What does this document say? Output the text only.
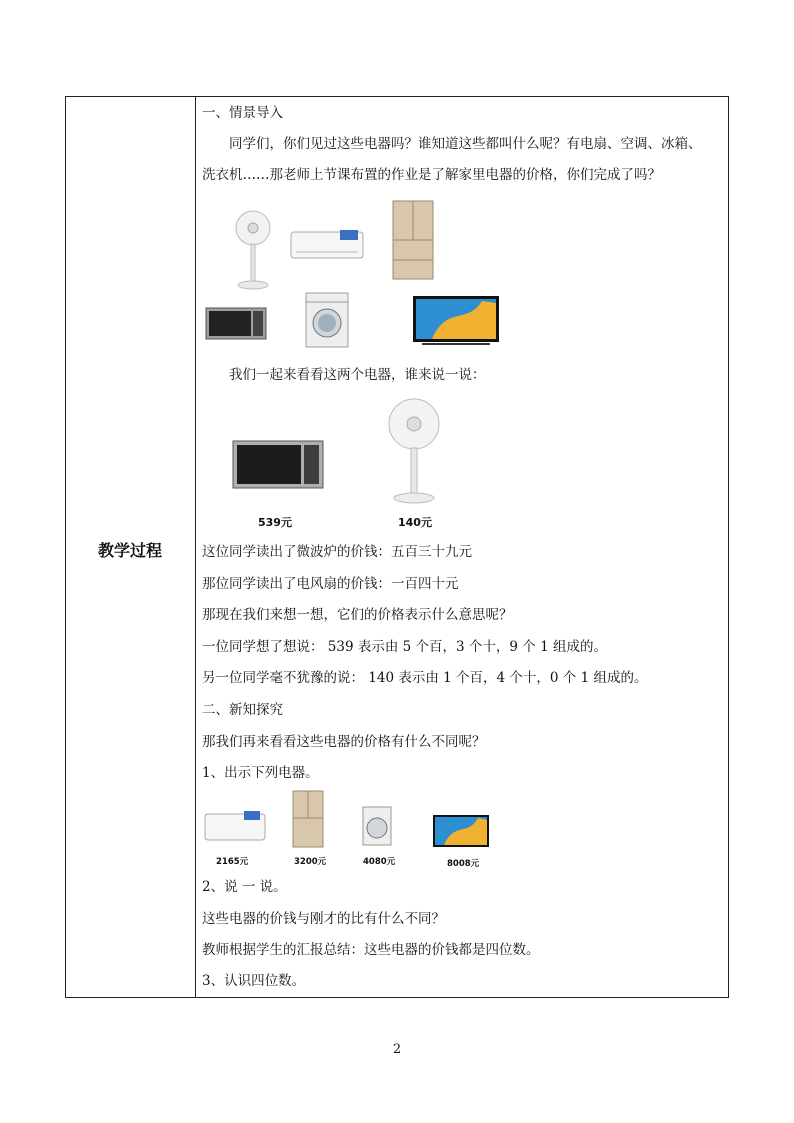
教学过程
一、情景导入
同学们，你们见过这些电器吗？谁知道这些都叫什么呢？有电扇、空调、冰箱、
洗衣机……那老师上节课布置的作业是了解家里电器的价格，你们完成了吗？
我们一起来看看这两个电器，谁来说一说：
539元	140元
这位同学读出了微波炉的价钱：五百三十九元
那位同学读出了电风扇的价钱：一百四十元
那现在我们来想一想，它们的价格表示什么意思呢？
一位同学想了想说： 539 表示由 5 个百，3 个十，9 个 1 组成的。
另一位同学毫不犹豫的说： 140 表示由 1 个百，4 个十，0 个 1 组成的。
二、新知探究
那我们再来看看这些电器的价格有什么不同呢？
1、出示下列电器。
2165元	3200元	4080元	8008元
2、说 一 说。
这些电器的价钱与刚才的比有什么不同？
教师根据学生的汇报总结：这些电器的价钱都是四位数。
3、认识四位数。
2
